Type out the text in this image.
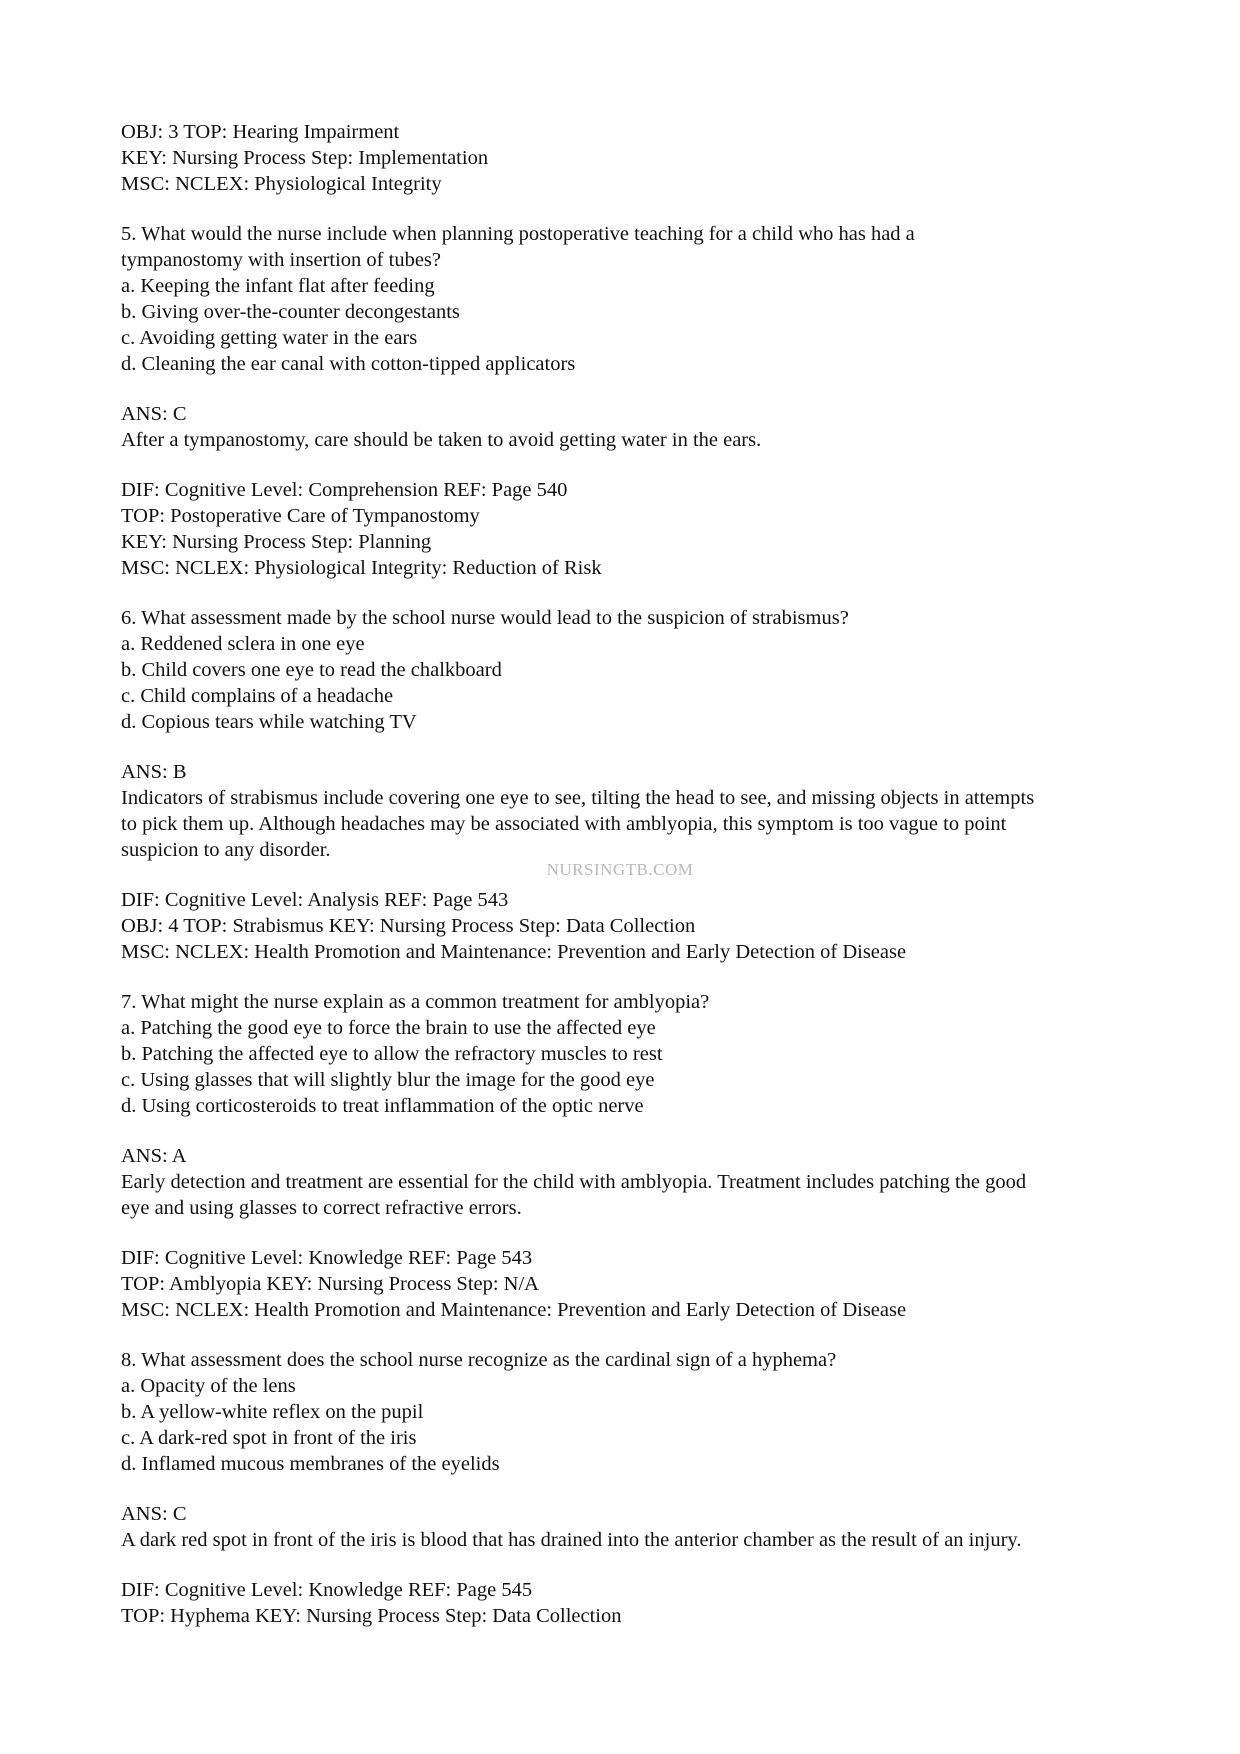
OBJ: 3 TOP: Hearing Impairment
KEY: Nursing Process Step: Implementation
MSC: NCLEX: Physiological Integrity
5. What would the nurse include when planning postoperative teaching for a child who has had a
tympanostomy with insertion of tubes?
a. Keeping the infant flat after feeding
b. Giving over-the-counter decongestants
c. Avoiding getting water in the ears
d. Cleaning the ear canal with cotton-tipped applicators
ANS: C
After a tympanostomy, care should be taken to avoid getting water in the ears.
DIF: Cognitive Level: Comprehension REF: Page 540
TOP: Postoperative Care of Tympanostomy
KEY: Nursing Process Step: Planning
MSC: NCLEX: Physiological Integrity: Reduction of Risk
6. What assessment made by the school nurse would lead to the suspicion of strabismus?
a. Reddened sclera in one eye
b. Child covers one eye to read the chalkboard
c. Child complains of a headache
d. Copious tears while watching TV
ANS: B
Indicators of strabismus include covering one eye to see, tilting the head to see, and missing objects in attempts
to pick them up. Although headaches may be associated with amblyopia, this symptom is too vague to point
suspicion to any disorder.
DIF: Cognitive Level: Analysis REF: Page 543
OBJ: 4 TOP: Strabismus KEY: Nursing Process Step: Data Collection
MSC: NCLEX: Health Promotion and Maintenance: Prevention and Early Detection of Disease
7. What might the nurse explain as a common treatment for amblyopia?
a. Patching the good eye to force the brain to use the affected eye
b. Patching the affected eye to allow the refractory muscles to rest
c. Using glasses that will slightly blur the image for the good eye
d. Using corticosteroids to treat inflammation of the optic nerve
ANS: A
Early detection and treatment are essential for the child with amblyopia. Treatment includes patching the good
eye and using glasses to correct refractive errors.
DIF: Cognitive Level: Knowledge REF: Page 543
TOP: Amblyopia KEY: Nursing Process Step: N/A
MSC: NCLEX: Health Promotion and Maintenance: Prevention and Early Detection of Disease
8. What assessment does the school nurse recognize as the cardinal sign of a hyphema?
a. Opacity of the lens
b. A yellow-white reflex on the pupil
c. A dark-red spot in front of the iris
d. Inflamed mucous membranes of the eyelids
ANS: C
A dark red spot in front of the iris is blood that has drained into the anterior chamber as the result of an injury.
DIF: Cognitive Level: Knowledge REF: Page 545
TOP: Hyphema KEY: Nursing Process Step: Data Collection
NURSINGTB.COM
